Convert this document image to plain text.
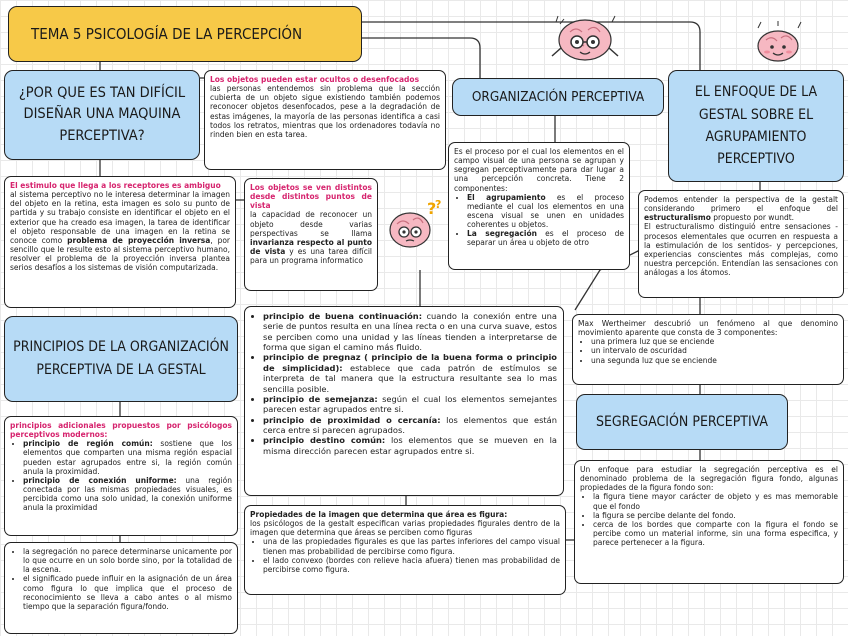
TEMA 5 PSICOLOGÍA DE LA PERCEPCIÓN
?
?
¿POR QUE ES TAN DIFÍCIL DISEÑAR UNA MAQUINA PERCEPTIVA?
Los objetos pueden estar ocultos o desenfocados
las personas entendemos sin problema que la sección cubierta de un objeto sigue existiendo también podemos reconocer objetos desenfocados, pese a la degradación de estas imágenes, la mayoría de las personas identifica a casi todos los retratos, mientras que los ordenadores todavía no rinden bien en esta tarea.
ORGANIZACIÓN PERCEPTIVA	EL ENFOQUE DE LA GESTAL SOBRE EL AGRUPAMIENTO PERCEPTIVO
El estimulo que llega a los receptores es ambiguo
al sistema perceptivo no le interesa determinar la imagen del objeto en la retina, esta imagen es solo su punto de partida y su trabajo consiste en identificar el objeto en el exterior que ha creado esa imagen, la tarea de identificar el objeto responsable de una imagen en la retina se conoce como problema de proyección inversa, por sencillo que le resulte esto al sistema perceptivo humano, resolver el problema de la proyección inversa plantea serios desafíos a los sistemas de visión computarizada.
Los objetos se ven distintos desde distintos puntos de vista
la capacidad de reconocer un objeto desde varias perspectivas se llama invarianza respecto al punto de vista y es una tarea difícil para un programa informatico
Es el proceso por el cual los elementos en el campo visual de una persona se agrupan y segregan perceptivamente para dar lugar a una percepción concreta. Tiene 2 componentes:
• El agrupamiento es el proceso mediante el cual los elementos en una escena visual se unen en unidades coherentes u objetos.
• La segregación es el proceso de separar un área u objeto de otro
Podemos entender la perspectiva de la gestalt considerando primero el enfoque del estructuralismo propuesto por wundt.
El estructuralismo distinguió entre sensaciones - procesos elementales que ocurren en respuesta a la estimulación de los sentidos- y percepciones, experiencias conscientes más complejas, como nuestra percepción. Entendían las sensaciones con análogas a los átomos.
PRINCIPIOS DE LA ORGANIZACIÓN PERCEPTIVA DE LA GESTAL
• principio de buena continuación: cuando la conexión entre una serie de puntos resulta en una línea recta o en una curva suave, estos se perciben como una unidad y las líneas tienden a interpretarse de forma que sigan el camino más fluido.
• principio de pregnaz ( principio de la buena forma o principio de simplicidad): establece que cada patrón de estímulos se interpreta de tal manera que la estructura resultante sea lo mas sencilla posible.
• principio de semejanza: según el cual los elementos semejantes parecen estar agrupados entre si.
• principio de proximidad o cercanía: los elementos que están cerca entre si parecen agrupados.
• principio destino común: los elementos que se mueven en la misma dirección parecen estar agrupados entre si.
Max Wertheimer descubrió un fenómeno al que denomino movimiento aparente que consta de 3 componentes:
• una primera luz que se enciende
• un intervalo de oscuridad
• una segunda luz que se enciende
SEGREGACIÓN PERCEPTIVA
principios adicionales propuestos por psicólogos perceptivos modernos:
• principio de región común: sostiene que los elementos que comparten una misma región espacial pueden estar agrupados entre si, la región común anula la proximidad.
• principio de conexión uniforme: una región conectada por las mismas propiedades visuales, es percibida como una solo unidad, la conexión uniforme anula la proximidad
Propiedades de la imagen que determina que área es figura:
los psicólogos de la gestalt especifican varias propiedades figurales dentro de la imagen que determina que áreas se perciben como figuras
• una de las propiedades figurales es que las partes inferiores del campo visual tienen mas probabilidad de percibirse como figura.
• el lado convexo (bordes con relieve hacia afuera) tienen mas probabilidad de percibirse como figura.
Un enfoque para estudiar la segregación perceptiva es el denominado problema de la segregación figura fondo, algunas propiedades de la figura fondo son:
• la figura tiene mayor carácter de objeto y es mas memorable que el fondo
• la figura se percibe delante del fondo.
• cerca de los bordes que comparte con la figura el fondo se percibe como un material informe, sin una forma especifica, y parece pertenecer a la figura.
• la segregación no parece determinarse unicamente por lo que ocurre en un solo borde sino, por la totalidad de la escena.
• el significado puede influir en la asignación de un área como figura lo que implica que el proceso de reconocimiento se lleva a cabo antes o al mismo tiempo que la separación figura/fondo.
